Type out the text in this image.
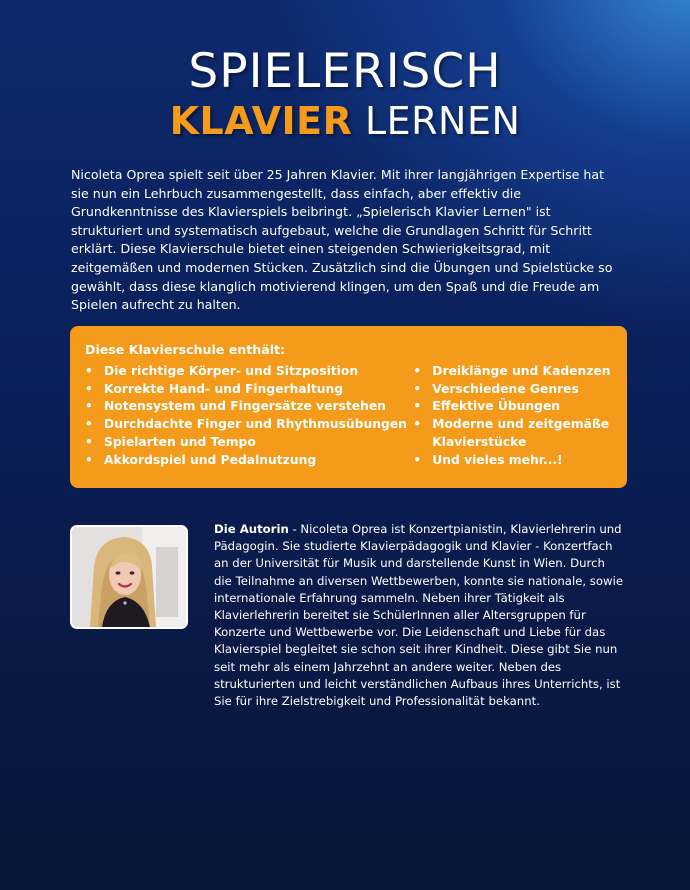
SPIELERISCH
KLAVIER LERNEN

Nicoleta Oprea spielt seit über 25 Jahren Klavier. Mit ihrer langjährigen Expertise hat sie nun ein Lehrbuch zusammengestellt, dass einfach, aber effektiv die Grundkenntnisse des Klavierspiels beibringt. „Spielerisch Klavier Lernen" ist strukturiert und systematisch aufgebaut, welche die Grundlagen Schritt für Schritt erklärt. Diese Klavierschule bietet einen steigenden Schwierigkeitsgrad, mit zeitgemäßen und modernen Stücken. Zusätzlich sind die Übungen und Spielstücke so gewählt, dass diese klanglich motivierend klingen, um den Spaß und die Freude am Spielen aufrecht zu halten.

Diese Klavierschule enthält:
• Die richtige Körper- und Sitzposition
• Korrekte Hand- und Fingerhaltung
• Notensystem und Fingersätze verstehen
• Durchdachte Finger und Rhythmusübungen
• Spielarten und Tempo
• Akkordspiel und Pedalnutzung
• Dreiklänge und Kadenzen
• Verschiedene Genres
• Effektive Übungen
• Moderne und zeitgemäße Klavierstücke
• Und vieles mehr...!

Die Autorin - Nicoleta Oprea ist Konzertpianistin, Klavierlehrerin und Pädagogin. Sie studierte Klavierpädagogik und Klavier - Konzertfach an der Universität für Musik und darstellende Kunst in Wien. Durch die Teilnahme an diversen Wettbewerben, konnte sie nationale, sowie internationale Erfahrung sammeln. Neben ihrer Tätigkeit als Klavierlehrerin bereitet sie SchülerInnen aller Altersgruppen für Konzerte und Wettbewerbe vor. Die Leidenschaft und Liebe für das Klavierspiel begleitet sie schon seit ihrer Kindheit. Diese gibt Sie nun seit mehr als einem Jahrzehnt an andere weiter. Neben des strukturierten und leicht verständlichen Aufbaus ihres Unterrichts, ist Sie für ihre Zielstrebigkeit und Professionalität bekannt.
